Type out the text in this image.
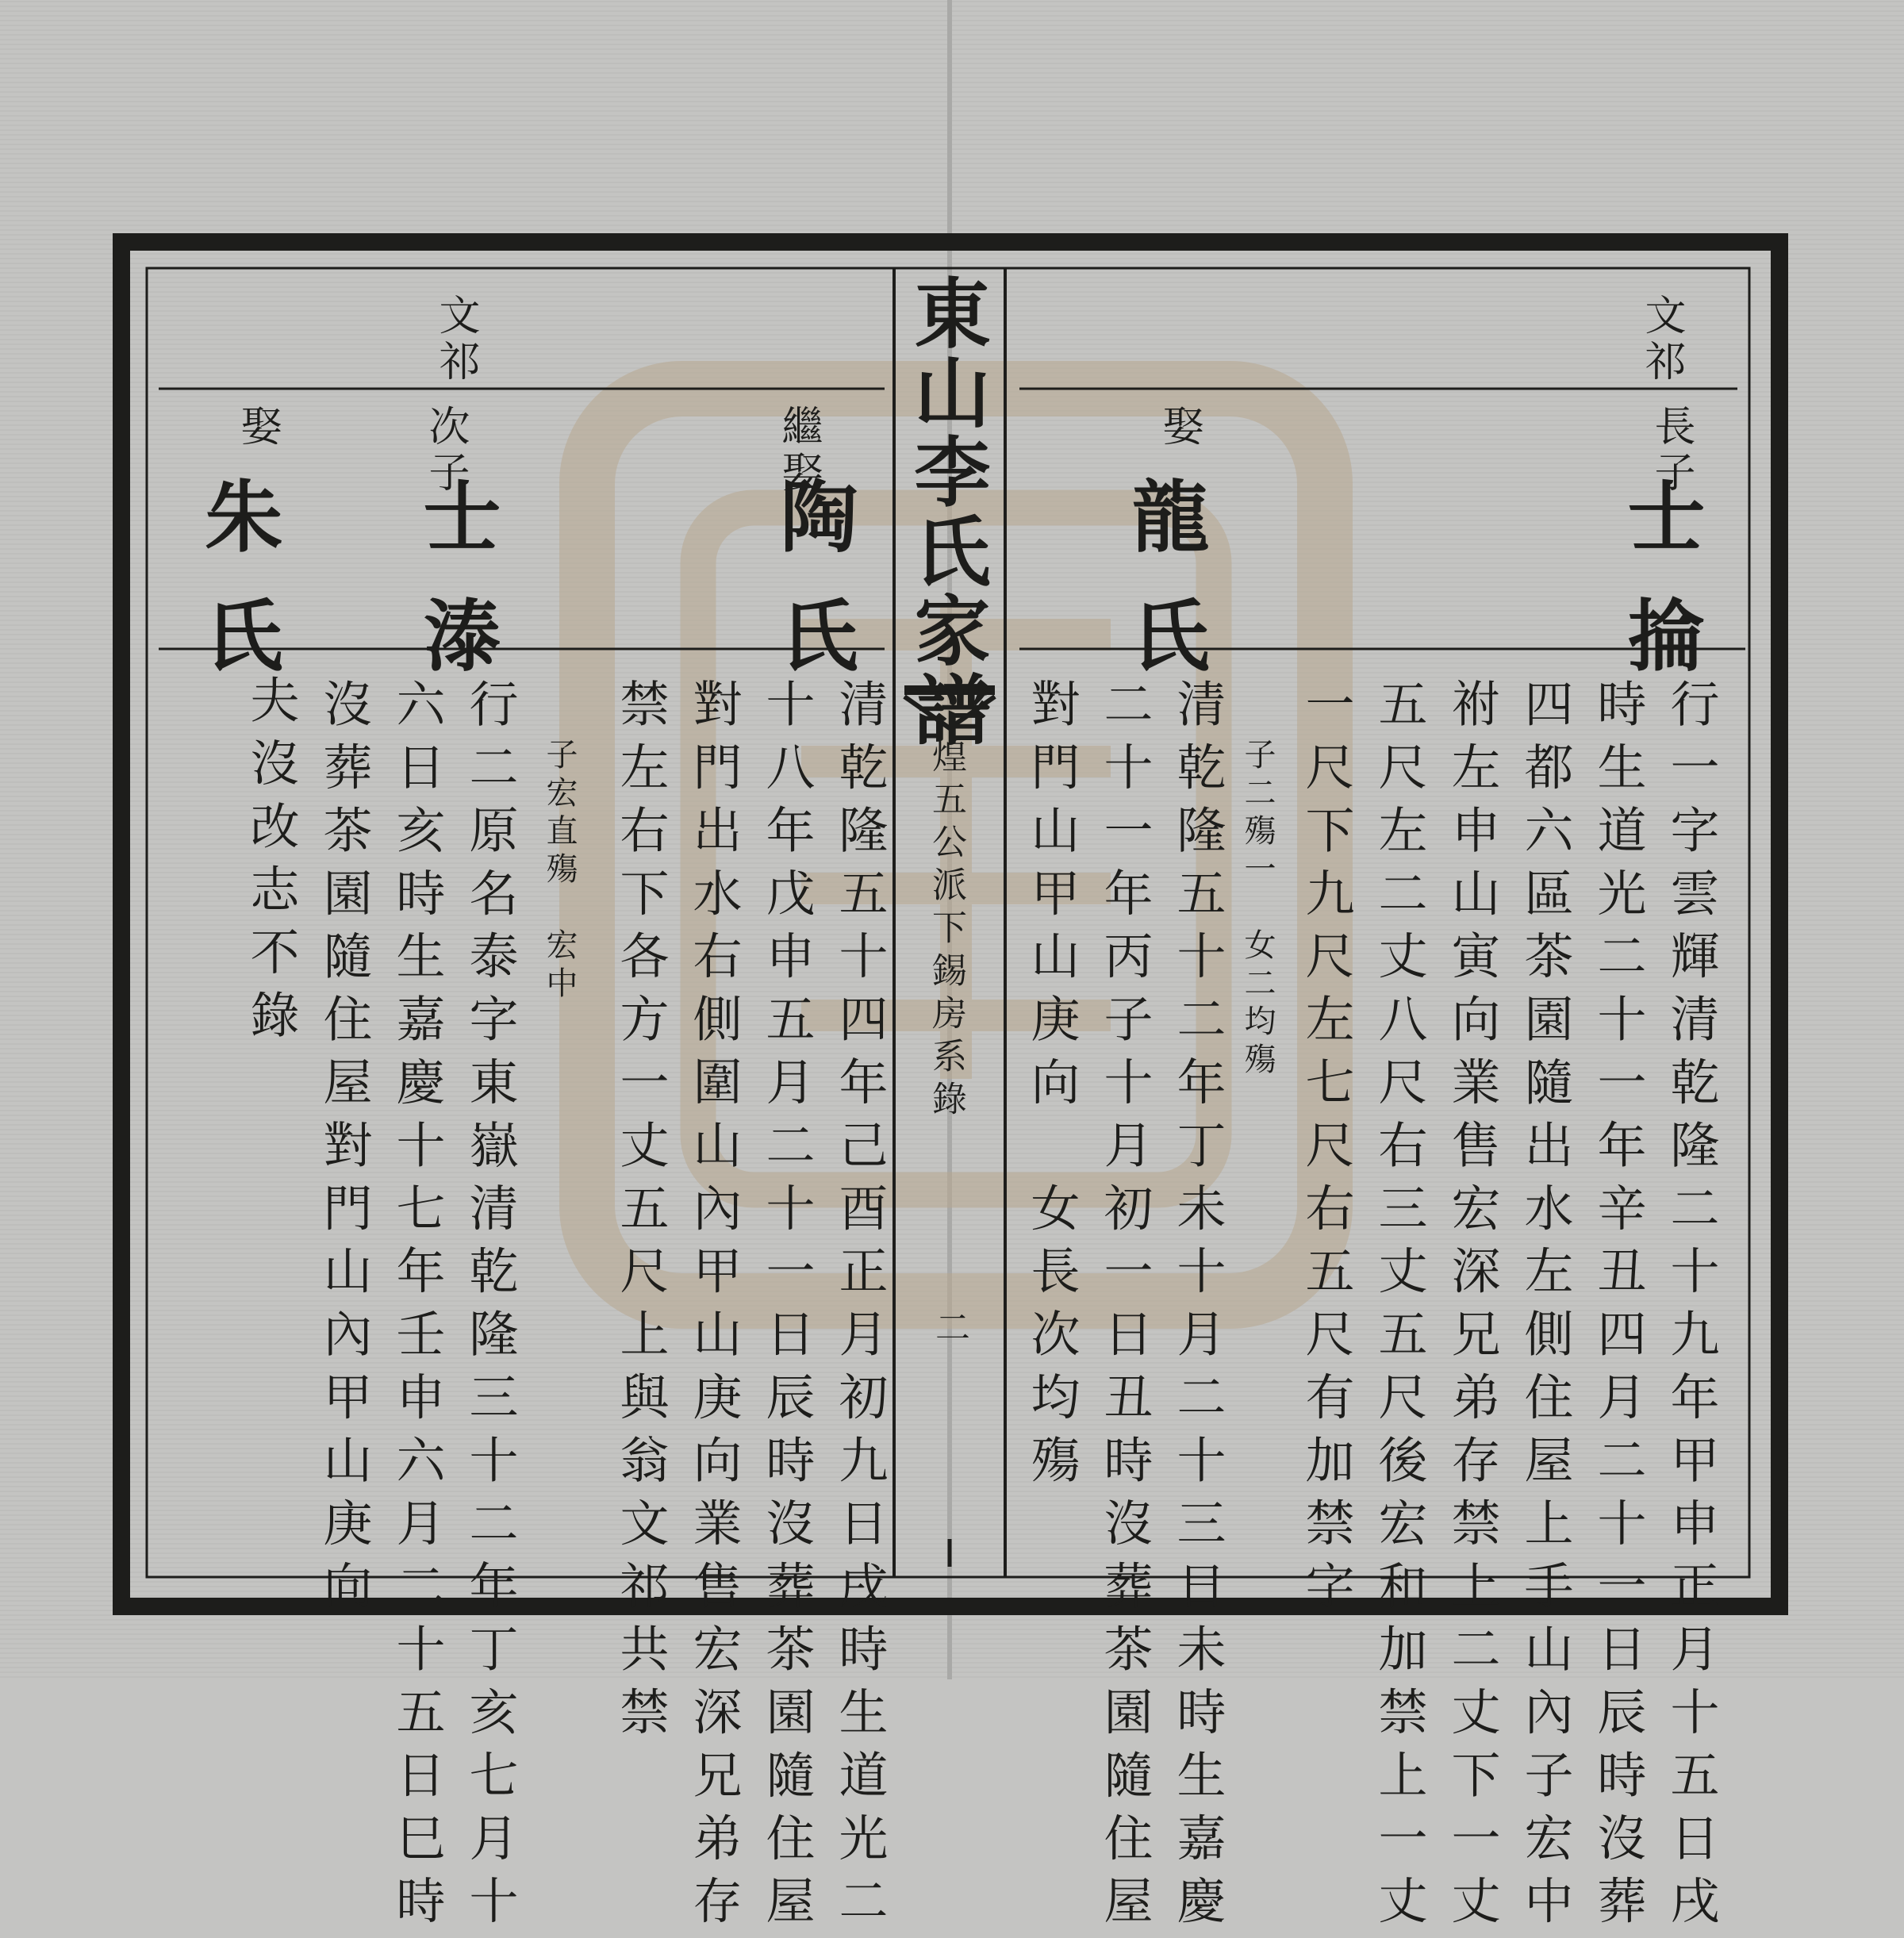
東山李氏家譜
煌五公派下錫房系錄
二
文祁
長子
士掄
行一字雲輝清乾隆二十九年甲申正月十五日戌
時生道光二十一年辛丑四月二十一日辰時沒葬
四都六區茶園隨出水左側住屋上手山內子宏中
祔左申山寅向業售宏深兄弟存禁上二丈下一丈
五尺左二丈八尺右三丈五尺後宏和加禁上一丈
一尺下九尺左七尺右五尺有加禁字
子二殤一　女二均殤
娶
龍氏
清乾隆五十二年丁未十月二十三日未時生嘉慶
二十一年丙子十月初一日丑時沒葬茶園隨住屋
對門山甲山庚向　女長次均殤
文祁
繼娶
陶氏
清乾隆五十四年己酉正月初九日戌時生道光二
十八年戊申五月二十一日辰時沒葬茶園隨住屋
對門出水右側圍山內甲山庚向業售宏深兄弟存
禁左右下各方一丈五尺上與翁文祁共禁
子宏直殤　宏中
次子
士溙
行二原名泰字東嶽清乾隆三十二年丁亥七月十
六日亥時生嘉慶十七年壬申六月二十五日巳時
沒葬茶園隨住屋對門山內甲山庚向
娶
朱氏
夫沒改志不錄
